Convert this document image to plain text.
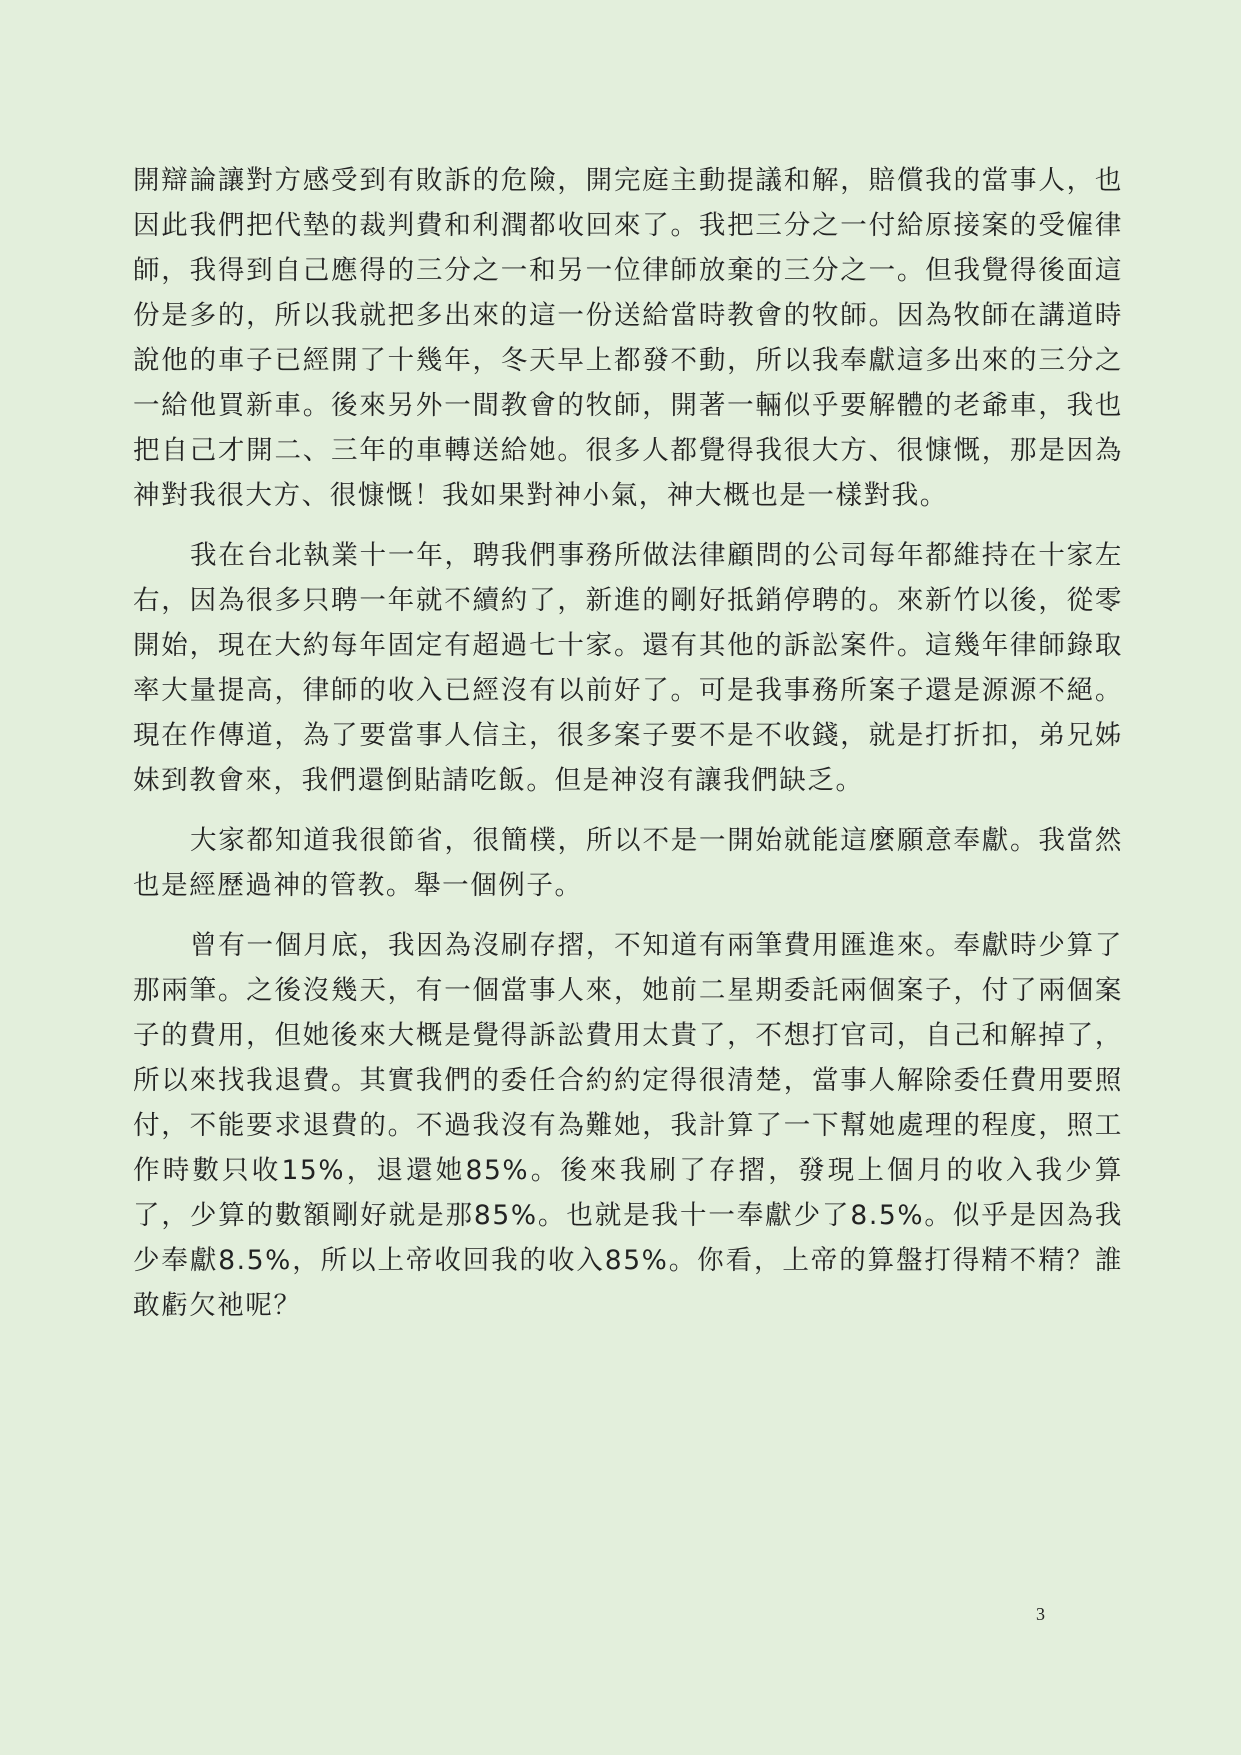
開辯論讓對方感受到有敗訴的危險，開完庭主動提議和解，賠償我的當事人，也因此我們把代墊的裁判費和利潤都收回來了。我把三分之一付給原接案的受僱律師，我得到自己應得的三分之一和另一位律師放棄的三分之一。但我覺得後面這份是多的，所以我就把多出來的這一份送給當時教會的牧師。因為牧師在講道時說他的車子已經開了十幾年，冬天早上都發不動，所以我奉獻這多出來的三分之一給他買新車。後來另外一間教會的牧師，開著一輛似乎要解體的老爺車，我也把自己才開二、三年的車轉送給她。很多人都覺得我很大方、很慷慨，那是因為神對我很大方、很慷慨！我如果對神小氣，神大概也是一樣對我。

我在台北執業十一年，聘我們事務所做法律顧問的公司每年都維持在十家左右，因為很多只聘一年就不續約了，新進的剛好抵銷停聘的。來新竹以後，從零開始，現在大約每年固定有超過七十家。還有其他的訴訟案件。這幾年律師錄取率大量提高，律師的收入已經沒有以前好了。可是我事務所案子還是源源不絕。現在作傳道，為了要當事人信主，很多案子要不是不收錢，就是打折扣，弟兄姊妹到教會來，我們還倒貼請吃飯。但是神沒有讓我們缺乏。

大家都知道我很節省，很簡樸，所以不是一開始就能這麼願意奉獻。我當然也是經歷過神的管教。舉一個例子。

曾有一個月底，我因為沒刷存摺，不知道有兩筆費用匯進來。奉獻時少算了那兩筆。之後沒幾天，有一個當事人來，她前二星期委託兩個案子，付了兩個案子的費用，但她後來大概是覺得訴訟費用太貴了，不想打官司，自己和解掉了，所以來找我退費。其實我們的委任合約約定得很清楚，當事人解除委任費用要照付，不能要求退費的。不過我沒有為難她，我計算了一下幫她處理的程度，照工作時數只收15%，退還她85%。後來我刷了存摺，發現上個月的收入我少算了，少算的數額剛好就是那85%。也就是我十一奉獻少了8.5%。似乎是因為我少奉獻8.5%，所以上帝收回我的收入85%。你看，上帝的算盤打得精不精？誰敢虧欠祂呢？

3
